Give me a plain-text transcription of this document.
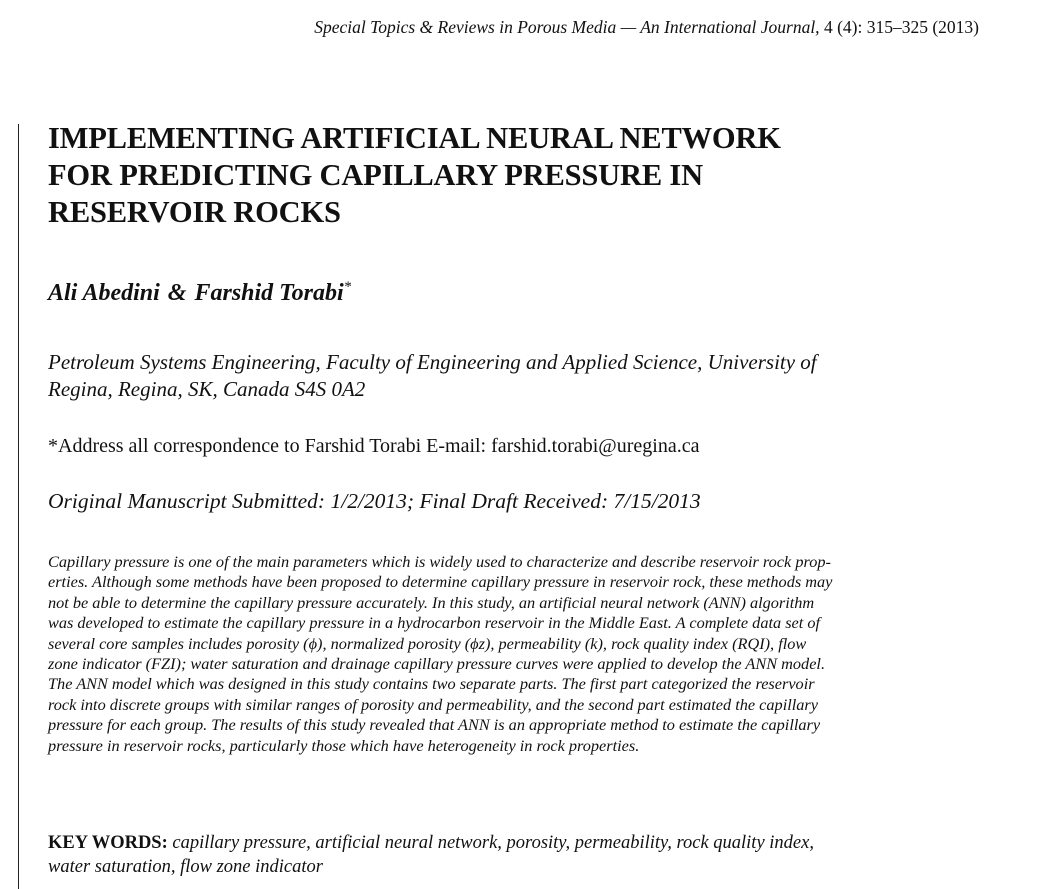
Special Topics & Reviews in Porous Media — An International Journal, 4 (4): 315–325 (2013)
IMPLEMENTING ARTIFICIAL NEURAL NETWORK
FOR PREDICTING CAPILLARY PRESSURE IN
RESERVOIR ROCKS
Ali Abedini & Farshid Torabi*
Petroleum Systems Engineering, Faculty of Engineering and Applied Science, University of
Regina, Regina, SK, Canada S4S 0A2
*Address all correspondence to Farshid Torabi E-mail: farshid.torabi@uregina.ca
Original Manuscript Submitted: 1/2/2013; Final Draft Received: 7/15/2013
Capillary pressure is one of the main parameters which is widely used to characterize and describe reservoir rock prop-
erties. Although some methods have been proposed to determine capillary pressure in reservoir rock, these methods may
not be able to determine the capillary pressure accurately. In this study, an artificial neural network (ANN) algorithm
was developed to estimate the capillary pressure in a hydrocarbon reservoir in the Middle East. A complete data set of
several core samples includes porosity (ϕ), normalized porosity (ϕz), permeability (k), rock quality index (RQI), flow
zone indicator (FZI); water saturation and drainage capillary pressure curves were applied to develop the ANN model.
The ANN model which was designed in this study contains two separate parts. The first part categorized the reservoir
rock into discrete groups with similar ranges of porosity and permeability, and the second part estimated the capillary
pressure for each group. The results of this study revealed that ANN is an appropriate method to estimate the capillary
pressure in reservoir rocks, particularly those which have heterogeneity in rock properties.
KEY WORDS: capillary pressure, artificial neural network, porosity, permeability, rock quality index,
water saturation, flow zone indicator
